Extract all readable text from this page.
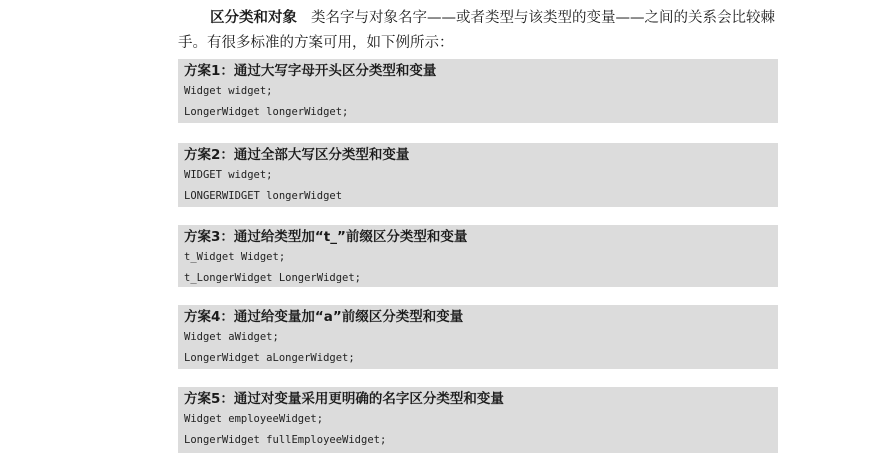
区分类和对象 类名字与对象名字——或者类型与该类型的变量——之间的关系会比较棘手。有很多标准的方案可用，如下例所示：

方案1：通过大写字母开头区分类型和变量

Widget widget;

LongerWidget longerWidget;

方案2：通过全部大写区分类型和变量

WIDGET widget;

LONGERWIDGET longerWidget

方案3：通过给类型加“t_”前缀区分类型和变量

t_Widget Widget;

t_LongerWidget LongerWidget;

方案4：通过给变量加“a”前缀区分类型和变量

Widget aWidget;

LongerWidget aLongerWidget;

方案5：通过对变量采用更明确的名字区分类型和变量

Widget employeeWidget;

LongerWidget fullEmployeeWidget;
